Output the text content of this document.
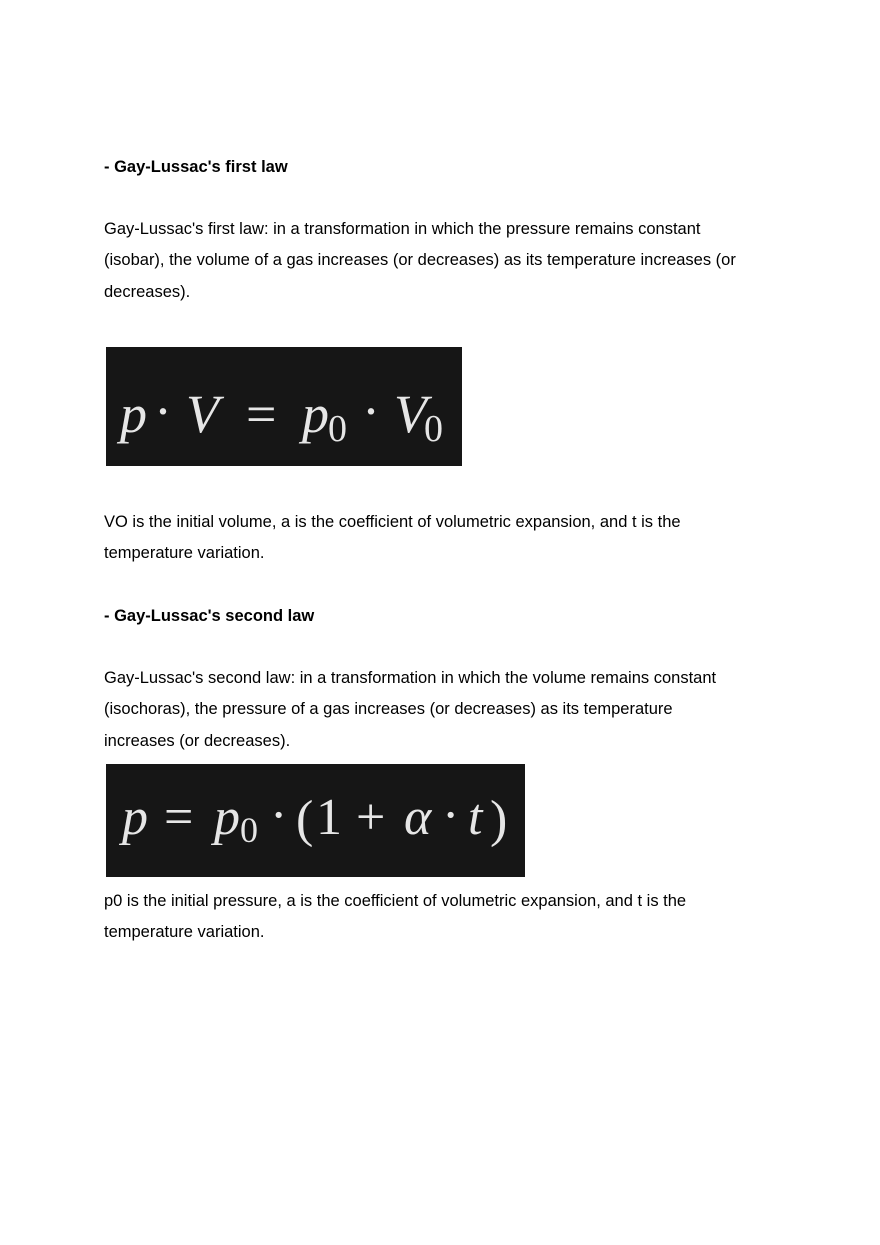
- Gay-Lussac's first law

Gay-Lussac's first law: in a transformation in which the pressure remains constant
(isobar), the volume of a gas increases (or decreases) as its temperature increases (or
decreases).

p · V = p 0 · V
0

VO is the initial volume, a is the coefficient of volumetric expansion, and t is the
temperature variation.

- Gay-Lussac's second law

Gay-Lussac's second law: in a transformation in which the volume remains constant
(isochoras), the pressure of a gas increases (or decreases) as its temperature
increases (or decreases).

p = p 0 · ( 1 + α · t )

p0 is the initial pressure, a is the coefficient of volumetric expansion, and t is the
temperature variation.
